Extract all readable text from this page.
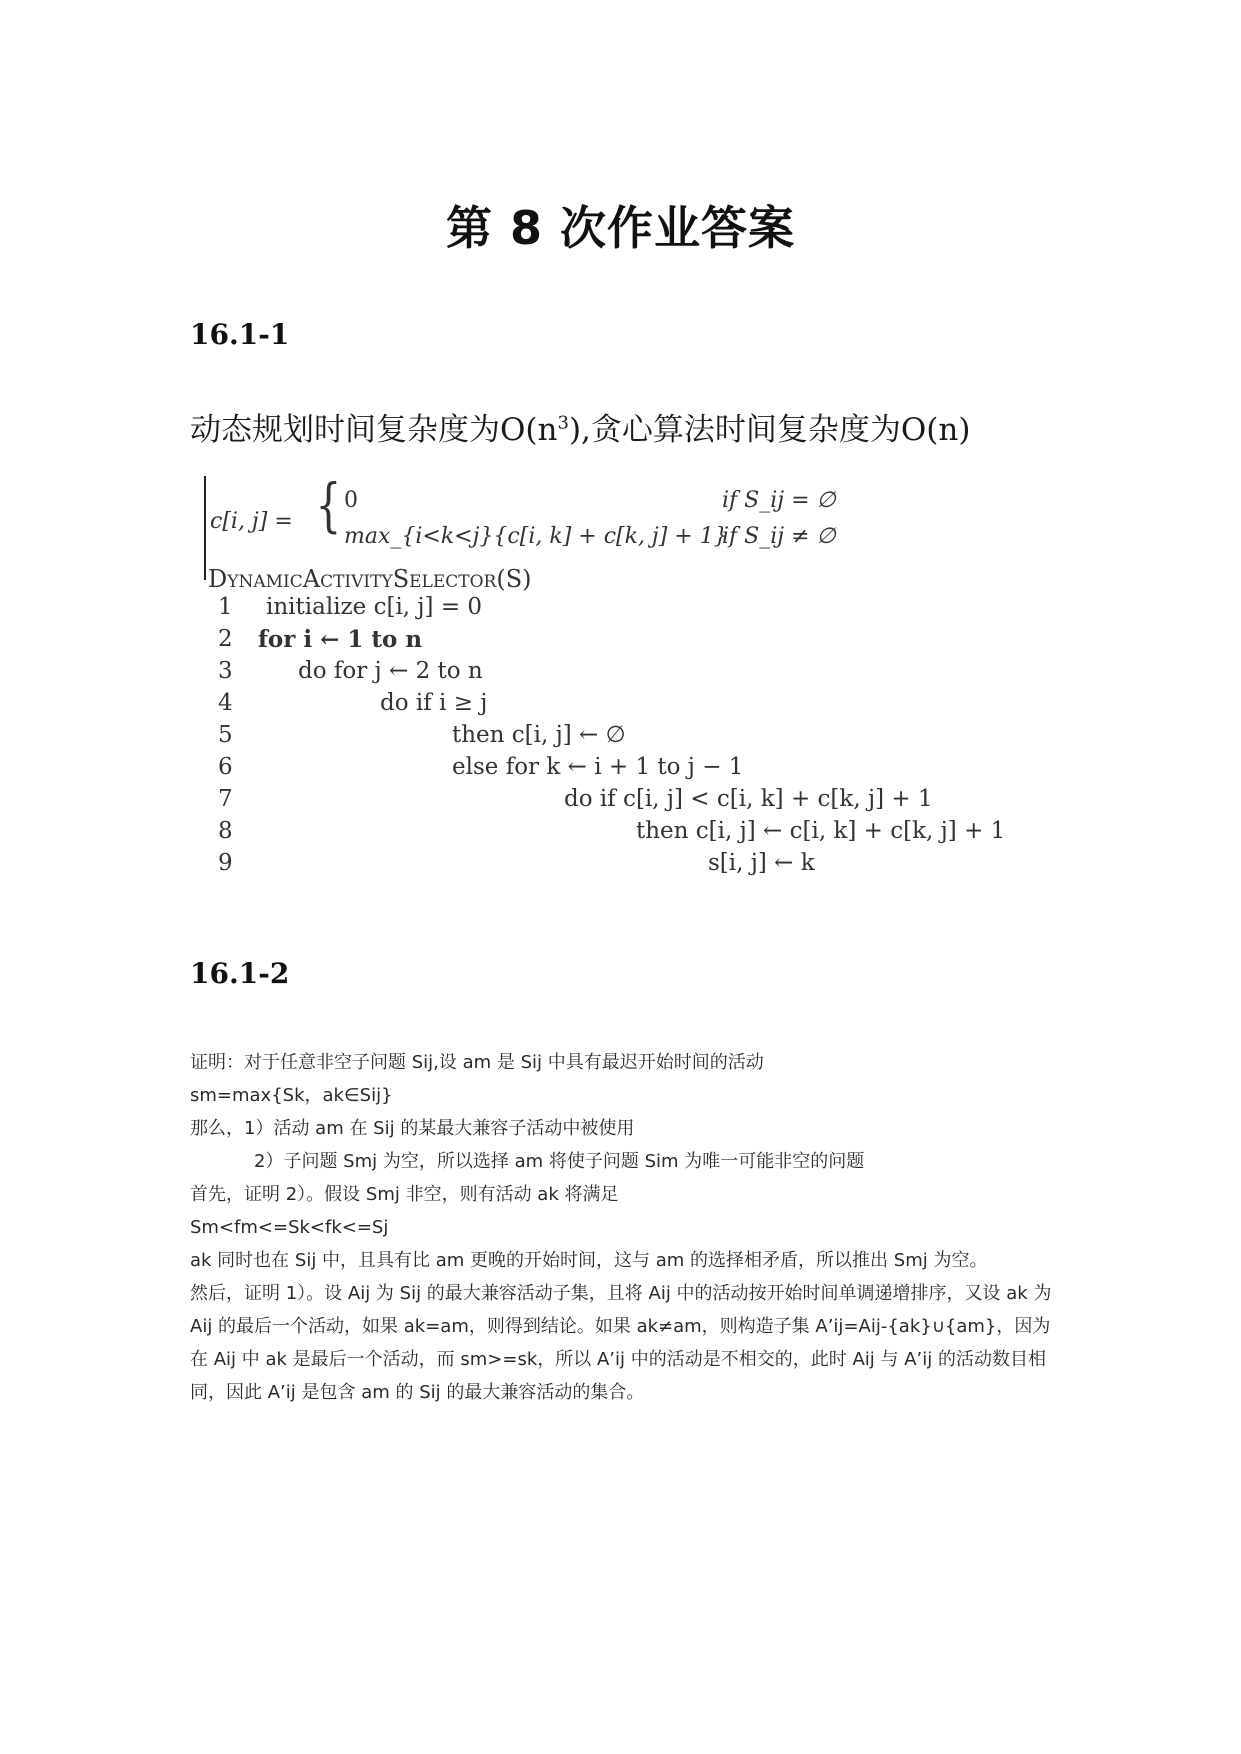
第 8 次作业答案
16.1-1

动态规划时间复杂度为$O(n^3)$,贪心算法时间复杂度为O(n)

c[i, j] = { 0	if S_ij = ∅
max_{i<k<j}{c[i, k] + c[k, j] + 1}
if S_ij ≠ ∅

DynamicActivitySelector(S)

1 initialize c[i, j] = 0
2 for i ← 1 to n
3	do for j ← 2 to n
4	do if i ≥ j
5	then c[i, j] ← ∅
6	else for k ← i + 1 to j − 1
7	do if c[i, j] < c[i, k] + c[k, j] + 1
8	then c[i, j] ← c[i, k] + c[k, j] + 1
9	s[i, j] ← k
16.1-2
证明：对于任意非空子问题 Sij,设 am 是 Sij 中具有最迟开始时间的活动
sm=max{Sk，ak∈Sij}
那么，1）活动 am 在 Sij 的某最大兼容子活动中被使用
2）子问题 Smj 为空，所以选择 am 将使子问题 Sim 为唯一可能非空的问题
首先，证明 2）。假设 Smj 非空，则有活动 ak 将满足
Sm<fm<=Sk<fk<=Sj
ak 同时也在 Sij 中，且具有比 am 更晚的开始时间，这与 am 的选择相矛盾，所以推出 Smj 为空。
然后，证明 1）。设 Aij 为 Sij 的最大兼容活动子集，且将 Aij 中的活动按开始时间单调递增排序，又设 ak 为 Aij 的最后一个活动，如果 ak=am，则得到结论。如果 ak≠am，则构造子集 A’ij=Aij-{ak}∪{am}，因为在 Aij 中 ak 是最后一个活动，而 sm>=sk，所以 A’ij 中的活动是不相交的，此时 Aij 与 A’ij 的活动数目相同，因此 A’ij 是包含 am 的 Sij 的最大兼容活动的集合。
